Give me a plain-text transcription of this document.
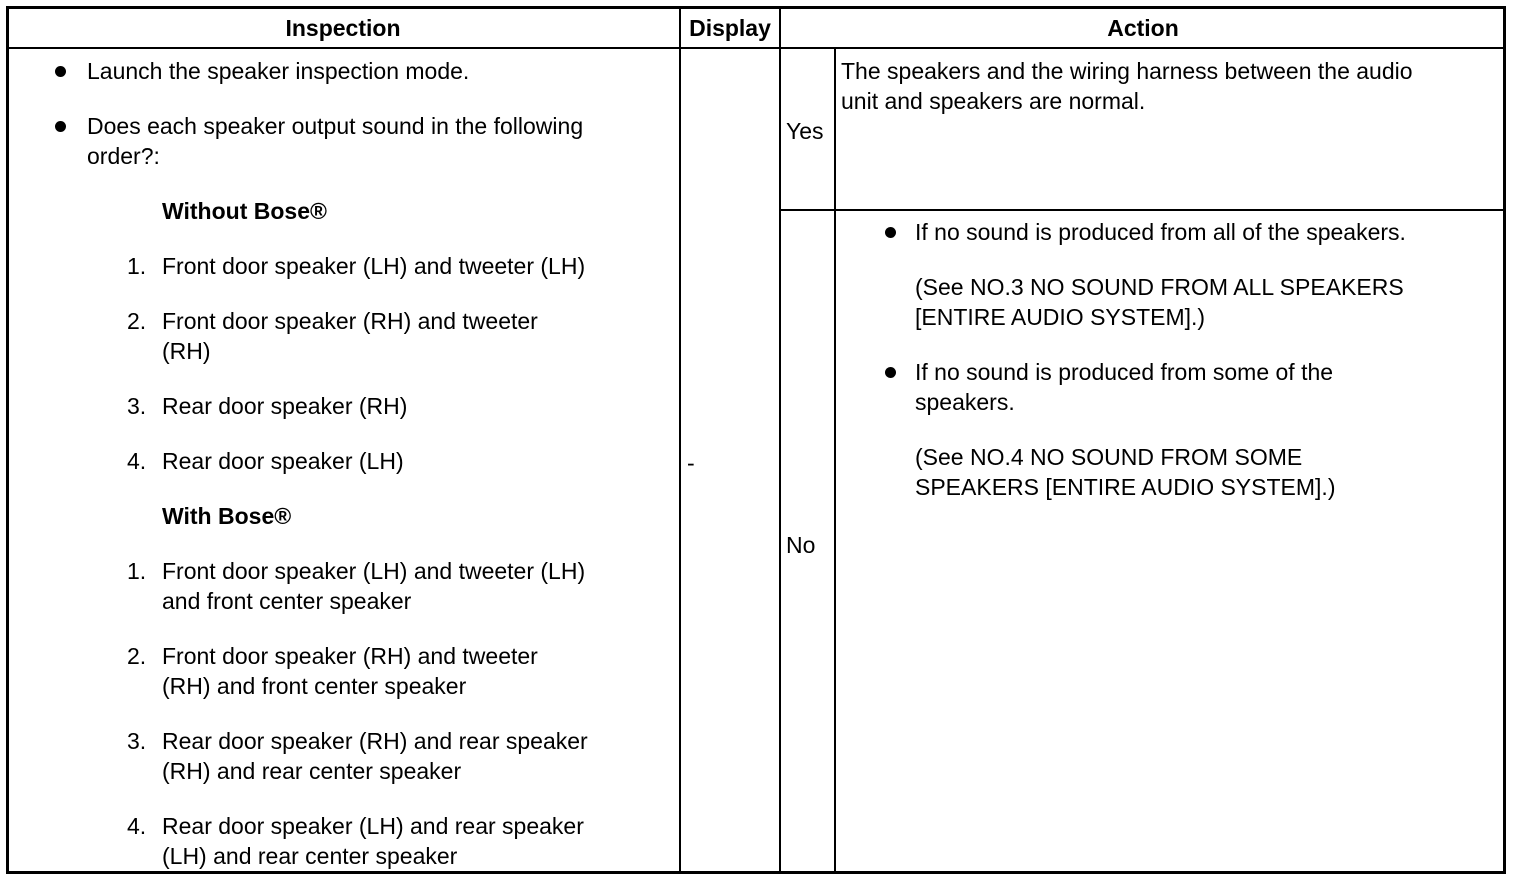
Inspection	Display	Action
Launch the speaker inspection mode.
Does each speaker output sound in the following
order?:
Without Bose®
1. Front door speaker (LH) and tweeter (LH)
2. Front door speaker (RH) and tweeter
(RH)
3. Rear door speaker (RH)
4. Rear door speaker (LH)
With Bose®
1. Front door speaker (LH) and tweeter (LH)
and front center speaker
2. Front door speaker (RH) and tweeter
(RH) and front center speaker
3. Rear door speaker (RH) and rear speaker
(RH) and rear center speaker
4. Rear door speaker (LH) and rear speaker
(LH) and rear center speaker
-
Yes
The speakers and the wiring harness between the audio
unit and speakers are normal.
No
If no sound is produced from all of the speakers.
(See NO.3 NO SOUND FROM ALL SPEAKERS
[ENTIRE AUDIO SYSTEM].)
If no sound is produced from some of the
speakers.
(See NO.4 NO SOUND FROM SOME
SPEAKERS [ENTIRE AUDIO SYSTEM].)
